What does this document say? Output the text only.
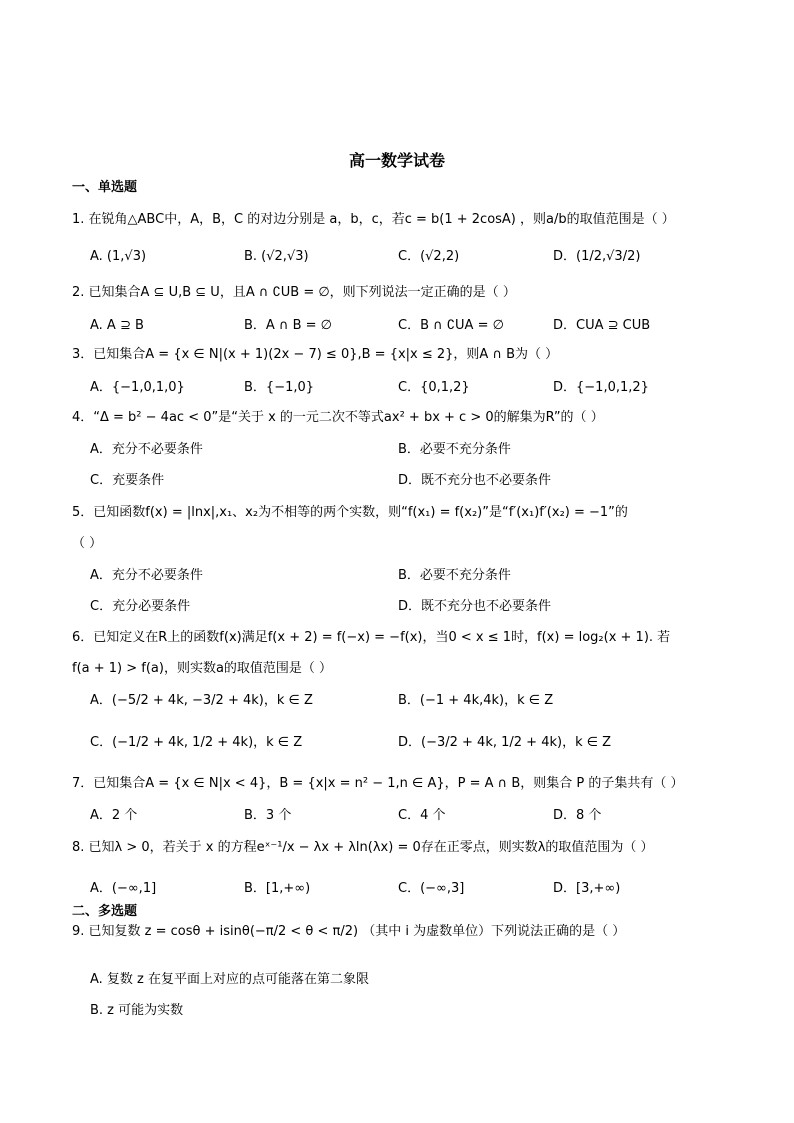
高一数学试卷
一、单选题
1. 在锐角△ABC中，A，B，C 的对边分别是 a，b，c，若c = b(1 + 2cosA) ，则a/b的取值范围是（ ）
A. (1,√3)	B. (√2,√3)	C．(√2,2)	D．(1/2,√3/2)
2. 已知集合A ⊆ U,B ⊆ U，且A ∩ ∁UB = ∅，则下列说法一定正确的是（ ）
A. A ⊇ B	B．A ∩ B = ∅	C．B ∩ ∁UA = ∅	D．CUA ⊇ CUB
3．已知集合A = {x ∈ N|(x + 1)(2x − 7) ≤ 0},B = {x|x ≤ 2}，则A ∩ B为（ ）
A．{−1,0,1,0}	B．{−1,0}	C．{0,1,2}	D．{−1,0,1,2}
4．“Δ = b² − 4ac < 0”是“关于 x 的一元二次不等式ax² + bx + c > 0的解集为R”的（ ）
A．充分不必要条件	B．必要不充分条件
C．充要条件	D．既不充分也不必要条件
5．已知函数f(x) = |lnx|,x₁、x₂为不相等的两个实数，则“f(x₁) = f(x₂)”是“f′(x₁)f′(x₂) = −1”的
（ ）
A．充分不必要条件	B．必要不充分条件
C．充分必要条件	D．既不充分也不必要条件
6．已知定义在R上的函数f(x)满足f(x + 2) = f(−x) = −f(x)，当0 < x ≤ 1时，f(x) = log₂(x + 1). 若
f(a + 1) > f(a)，则实数a的取值范围是（ ）
A．(−5/2 + 4k, −3/2 + 4k)，k ∈ Z	B．(−1 + 4k,4k)，k ∈ Z
C．(−1/2 + 4k, 1/2 + 4k)，k ∈ Z	D．(−3/2 + 4k, 1/2 + 4k)，k ∈ Z
7．已知集合A = {x ∈ N|x < 4}，B = {x|x = n² − 1,n ∈ A}，P = A ∩ B，则集合 P 的子集共有（ ）
A．2 个	B．3 个	C．4 个	D．8 个
8. 已知λ > 0，若关于 x 的方程eˣ⁻¹/x − λx + λln(λx) = 0存在正零点，则实数λ的取值范围为（ ）
A．(−∞,1]	B．[1,+∞)	C．(−∞,3]	D．[3,+∞)
二、多选题
9. 已知复数 z = cosθ + isinθ(−π/2 < θ < π/2) （其中 i 为虚数单位）下列说法正确的是（ ）
A. 复数 z 在复平面上对应的点可能落在第二象限
B. z 可能为实数
